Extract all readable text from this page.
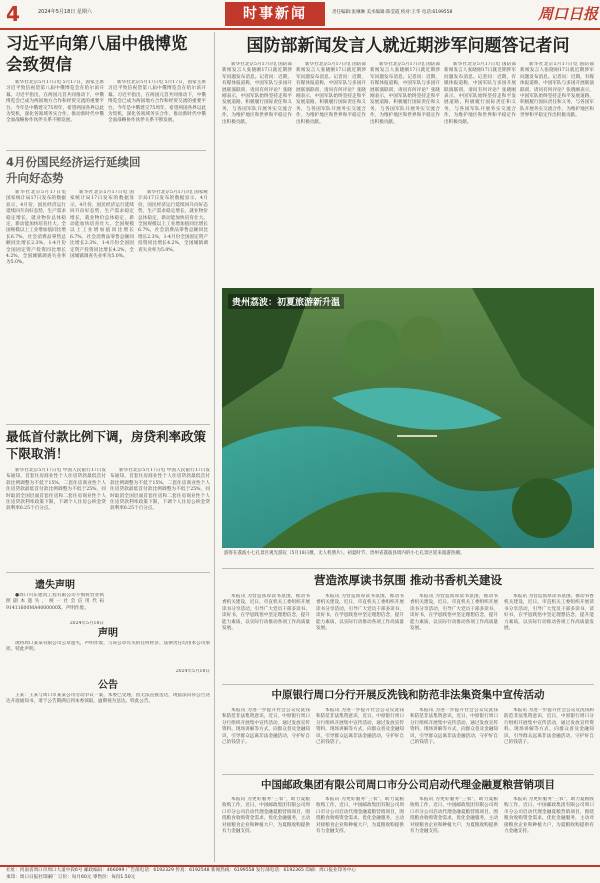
4	2024年5月18日 星期六	时事新闻	责任编辑:张琳琳 美术编辑:陈莹霞 校对:王华 电话:6199558	周口日报
习近平向第八届中俄博览会致贺信

新华社北京5月17日电 5月17日，国家主席习近平致信祝贺第八届中俄博览会在哈尔滨开幕。习近平指出，在两国元首共同推动下，中俄博览会已成为两国地方合作和经贸交流的重要平台。今年是中俄建交75周年，希望两国各界以此为契机，深化各领域务实合作，推动新时代中俄全面战略协作伙伴关系不断发展。

新华社北京5月17日电 5月17日，国家主席习近平致信祝贺第八届中俄博览会在哈尔滨开幕。习近平指出，在两国元首共同推动下，中俄博览会已成为两国地方合作和经贸交流的重要平台。今年是中俄建交75周年，希望两国各界以此为契机，深化各领域务实合作，推动新时代中俄全面战略协作伙伴关系不断发展。

4月份国民经济运行延续回升向好态势

新华社北京5月17日电 国家统计局17日发布的数据显示，4月份，国民经济运行延续回升向好态势，生产需求稳定增长，就业物价总体稳定，新动能加快培育壮大。全国规模以上工业增加值同比增长6.7%，社会消费品零售总额同比增长2.3%，1-4月份全国固定资产投资同比增长4.2%，全国城镇调查失业率为5.0%。

新华社北京5月17日电 国家统计局17日发布的数据显示，4月份，国民经济运行延续回升向好态势，生产需求稳定增长，就业物价总体稳定，新动能加快培育壮大。全国规模以上工业增加值同比增长6.7%，社会消费品零售总额同比增长2.3%，1-4月份全国固定资产投资同比增长4.2%，全国城镇调查失业率为5.0%。

新华社北京5月17日电 国家统计局17日发布的数据显示，4月份，国民经济运行延续回升向好态势，生产需求稳定增长，就业物价总体稳定，新动能加快培育壮大。全国规模以上工业增加值同比增长6.7%，社会消费品零售总额同比增长2.3%，1-4月份全国固定资产投资同比增长4.2%，全国城镇调查失业率为5.0%。

最低首付款比例下调，房贷利率政策下限取消！

新华社北京5月17日电 中国人民银行17日发布通知，首套住房商业性个人住房贷款最低首付款比例调整为不低于15%，二套住房商业性个人住房贷款最低首付款比例调整为不低于25%，同时取消全国层面首套住房和二套住房商业性个人住房贷款利率政策下限，下调个人住房公积金贷款利率0.25个百分点。

新华社北京5月17日电 中国人民银行17日发布通知，首套住房商业性个人住房贷款最低首付款比例调整为不低于15%，二套住房商业性个人住房贷款最低首付款比例调整为不低于25%，同时取消全国层面首套住房和二套住房商业性个人住房贷款利率政策下限，下调个人住房公积金贷款利率0.25个百分点。

遗失声明

●周口川东建筑工程有限公司不慎将营业执照副本遗失，统一社会信用代码91411600MA4000000X，声明作废。

2024年5月18日
声明

现将周口某某有限公司公章遗失，声明作废，与该公章有关的任何经济、法律责任均由本公司承担。特此声明。

2024年5月18日
公告

王某：王某与周口市某某公司劳动争议一案，本委已受理，因无法直接送达，现依法向你公告送达开庭通知书，请于公告期满后到本委领取，逾期视为送达。特此公告。

国防部新闻发言人就近期涉军问题答记者问

新华社北京5月17日电 国防部新闻发言人张晓刚17日就近期涉军问题发布消息。记者问：近期，有媒体报道称，中国军队与多国开展联演联训，请问有何评论？张晓刚表示，中国军队始终坚持走和平发展道路，积极履行国际责任和义务，与各国军队开展务实交流合作，为维护地区和世界和平稳定作出积极贡献。

新华社北京5月17日电 国防部新闻发言人张晓刚17日就近期涉军问题发布消息。记者问：近期，有媒体报道称，中国军队与多国开展联演联训，请问有何评论？张晓刚表示，中国军队始终坚持走和平发展道路，积极履行国际责任和义务，与各国军队开展务实交流合作，为维护地区和世界和平稳定作出积极贡献。

新华社北京5月17日电 国防部新闻发言人张晓刚17日就近期涉军问题发布消息。记者问：近期，有媒体报道称，中国军队与多国开展联演联训，请问有何评论？张晓刚表示，中国军队始终坚持走和平发展道路，积极履行国际责任和义务，与各国军队开展务实交流合作，为维护地区和世界和平稳定作出积极贡献。

新华社北京5月17日电 国防部新闻发言人张晓刚17日就近期涉军问题发布消息。记者问：近期，有媒体报道称，中国军队与多国开展联演联训，请问有何评论？张晓刚表示，中国军队始终坚持走和平发展道路，积极履行国际责任和义务，与各国军队开展务实交流合作，为维护地区和世界和平稳定作出积极贡献。

新华社北京5月17日电 国防部新闻发言人张晓刚17日就近期涉军问题发布消息。记者问：近期，有媒体报道称，中国军队与多国开展联演联训，请问有何评论？张晓刚表示，中国军队始终坚持走和平发展道路，积极履行国际责任和义务，与各国军队开展务实交流合作，为维护地区和世界和平稳定作出积极贡献。

贵州荔波：初夏旅游新升温
游客在荔波小七孔景区观光游玩（5月18日摄，无人机照片）。初夏时节，贵州省荔波县境内的小七孔景区迎来旅游热潮。
营造浓厚读书氛围 推动书香机关建设

本报讯 为营造浓厚读书氛围，推动书香机关建设，近日，市直机关工委组织开展读书分享活动，引导广大党员干部多读书、读好书，在学思践悟中坚定理想信念，提升能力素质，以实际行动推动各项工作高质量发展。

本报讯 为营造浓厚读书氛围，推动书香机关建设，近日，市直机关工委组织开展读书分享活动，引导广大党员干部多读书、读好书，在学思践悟中坚定理想信念，提升能力素质，以实际行动推动各项工作高质量发展。

本报讯 为营造浓厚读书氛围，推动书香机关建设，近日，市直机关工委组织开展读书分享活动，引导广大党员干部多读书、读好书，在学思践悟中坚定理想信念，提升能力素质，以实际行动推动各项工作高质量发展。

本报讯 为营造浓厚读书氛围，推动书香机关建设，近日，市直机关工委组织开展读书分享活动，引导广大党员干部多读书、读好书，在学思践悟中坚定理想信念，提升能力素质，以实际行动推动各项工作高质量发展。

中原银行周口分行开展反洗钱和防范非法集资集中宣传活动

本报讯 为进一步提升社会公众反洗钱和防范非法集资意识，近日，中原银行周口分行组织开展集中宣传活动，通过发放宣传资料、现场讲解等方式，向群众普及金融知识，引导群众远离非法金融活动，守护好自己的钱袋子。

本报讯 为进一步提升社会公众反洗钱和防范非法集资意识，近日，中原银行周口分行组织开展集中宣传活动，通过发放宣传资料、现场讲解等方式，向群众普及金融知识，引导群众远离非法金融活动，守护好自己的钱袋子。

本报讯 为进一步提升社会公众反洗钱和防范非法集资意识，近日，中原银行周口分行组织开展集中宣传活动，通过发放宣传资料、现场讲解等方式，向群众普及金融知识，引导群众远离非法金融活动，守护好自己的钱袋子。

本报讯 为进一步提升社会公众反洗钱和防范非法集资意识，近日，中原银行周口分行组织开展集中宣传活动，通过发放宣传资料、现场讲解等方式，向群众普及金融知识，引导群众远离非法金融活动，守护好自己的钱袋子。

中国邮政集团有限公司周口市分公司启动代理金融夏粮营销项目

本报讯 为更好服务“三农”，助力夏粮收购工作，近日，中国邮政集团有限公司周口市分公司启动代理金融夏粮营销项目，围绕粮食收购资金需求，优化金融服务，主动对接粮食企业和种植大户，为夏粮收购提供有力金融支持。

本报讯 为更好服务“三农”，助力夏粮收购工作，近日，中国邮政集团有限公司周口市分公司启动代理金融夏粮营销项目，围绕粮食收购资金需求，优化金融服务，主动对接粮食企业和种植大户，为夏粮收购提供有力金融支持。

本报讯 为更好服务“三农”，助力夏粮收购工作，近日，中国邮政集团有限公司周口市分公司启动代理金融夏粮营销项目，围绕粮食收购资金需求，优化金融服务，主动对接粮食企业和种植大户，为夏粮收购提供有力金融支持。

本报讯 为更好服务“三农”，助力夏粮收购工作，近日，中国邮政集团有限公司周口市分公司启动代理金融夏粮营销项目，围绕粮食收购资金需求，优化金融服务，主动对接粮食企业和种植大户，为夏粮收购提供有力金融支持。

社址：河南省周口市周口大道中段6号 邮政编码：466099 广告部电话：6192329 传真：6192548 新闻热线：6199558 发行部电话：6192365 印刷：周口报业印务中心
承印：周口日报社印刷厂 订价：每月60元 零售价：每份1.50元
